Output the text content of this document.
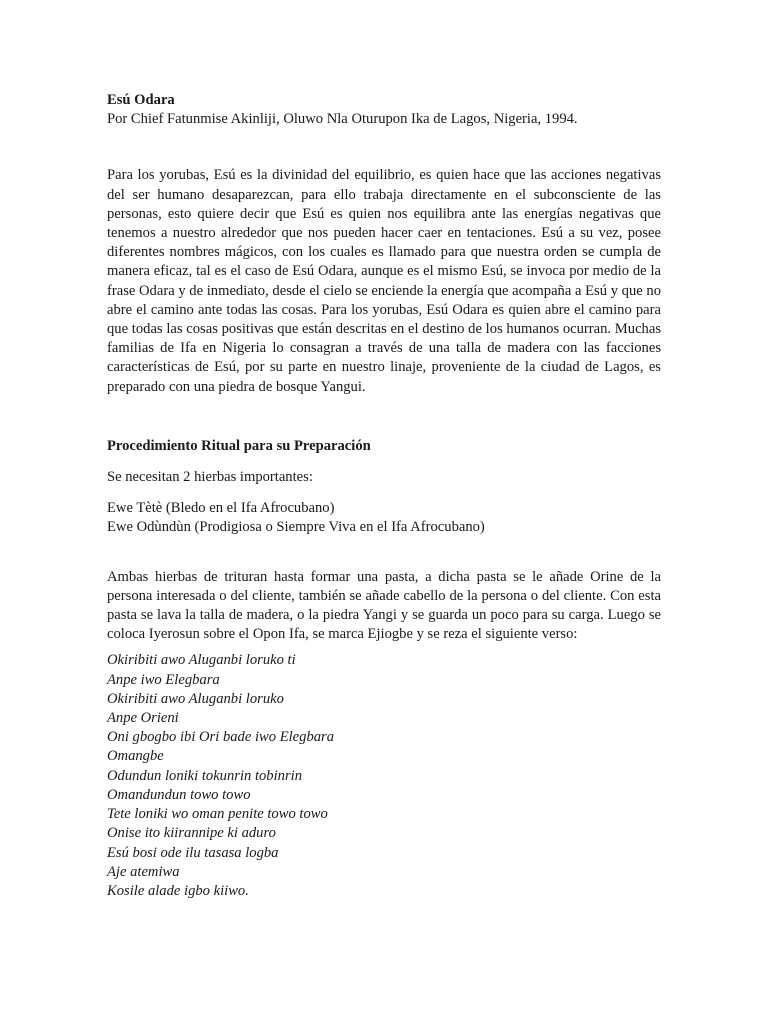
Esú Odara

Por Chief Fatunmise Akinliji, Oluwo Nla Oturupon Ika de Lagos, Nigeria, 1994.

Para los yorubas, Esú es la divinidad del equilibrio, es quien hace que las acciones negativas del ser humano desaparezcan, para ello trabaja directamente en el subconsciente de las personas, esto quiere decir que Esú es quien nos equilibra ante las energías negativas que tenemos a nuestro alrededor que nos pueden hacer caer en tentaciones. Esú a su vez, posee diferentes nombres mágicos, con los cuales es llamado para que nuestra orden se cumpla de manera eficaz, tal es el caso de Esú Odara, aunque es el mismo Esú, se invoca por medio de la frase Odara y de inmediato, desde el cielo se enciende la energía que acompaña a Esú y que no abre el camino ante todas las cosas. Para los yorubas, Esú Odara es quien abre el camino para que todas las cosas positivas que están descritas en el destino de los humanos ocurran. Muchas familias de Ifa en Nigeria lo consagran a través de una talla de madera con las facciones características de Esú, por su parte en nuestro linaje, proveniente de la ciudad de Lagos, es preparado con una piedra de bosque Yangui.

Procedimiento Ritual para su Preparación

Se necesitan 2 hierbas importantes:

Ewe Tètè (Bledo en el Ifa Afrocubano)
Ewe Odùndùn (Prodigiosa o Siempre Viva en el Ifa Afrocubano)

Ambas hierbas de trituran hasta formar una pasta, a dicha pasta se le añade Orine de la persona interesada o del cliente, también se añade cabello de la persona o del cliente. Con esta pasta se lava la talla de madera, o la piedra Yangi y se guarda un poco para su carga. Luego se coloca Iyerosun sobre el Opon Ifa, se marca Ejiogbe y se reza el siguiente verso:

Okiribiti awo Aluganbi loruko ti
Anpe iwo Elegbara
Okiribiti awo Aluganbi loruko
Anpe Orieni
Oni gbogbo ibi Ori bade iwo Elegbara
Omangbe
Odundun loniki tokunrin tobinrin
Omandundun towo towo
Tete loniki wo oman penite towo towo
Onise ito kiirannipe ki aduro
Esú bosi ode ilu tasasa logba
Aje atemiwa
Kosile alade igbo kiiwo.
